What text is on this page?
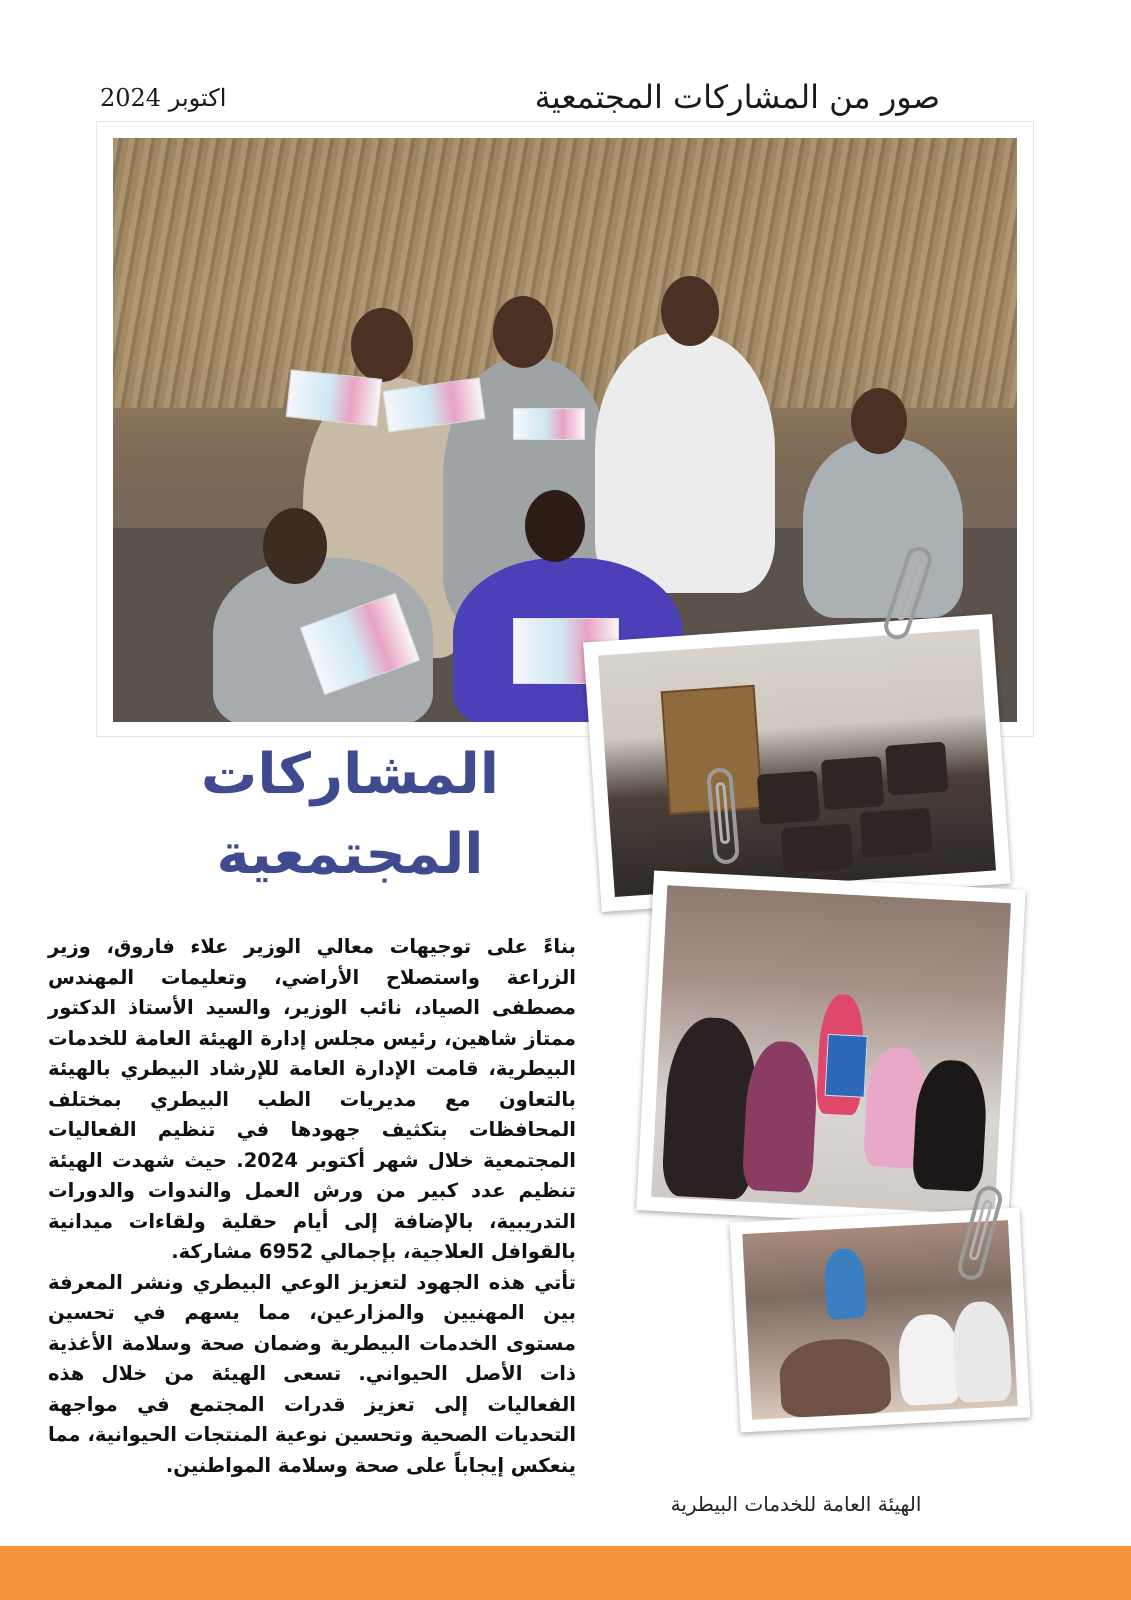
صور من المشاركات المجتمعية
اكتوبر 2024
المشاركات
المجتمعية

بناءً على توجيهات معالي الوزير علاء فاروق، وزير الزراعة واستصلاح الأراضي، وتعليمات المهندس مصطفى الصياد، نائب الوزير، والسيد الأستاذ الدكتور ممتاز شاهين، رئيس مجلس إدارة الهيئة العامة للخدمات البيطرية، قامت الإدارة العامة للإرشاد البيطري بالهيئة بالتعاون مع مديريات الطب البيطري بمختلف المحافظات بتكثيف جهودها في تنظيم الفعاليات المجتمعية خلال شهر أكتوبر 2024. حيث شهدت الهيئة تنظيم عدد كبير من ورش العمل والندوات والدورات التدريبية، بالإضافة إلى أيام حقلية ولقاءات ميدانية بالقوافل العلاجية، بإجمالي 6952 مشاركة.

تأتي هذه الجهود لتعزيز الوعي البيطري ونشر المعرفة بين المهنيين والمزارعين، مما يسهم في تحسين مستوى الخدمات البيطرية وضمان صحة وسلامة الأغذية ذات الأصل الحيواني. تسعى الهيئة من خلال هذه الفعاليات إلى تعزيز قدرات المجتمع في مواجهة التحديات الصحية وتحسين نوعية المنتجات الحيوانية، مما ينعكس إيجاباً على صحة وسلامة المواطنين.

الهيئة العامة للخدمات البيطرية
